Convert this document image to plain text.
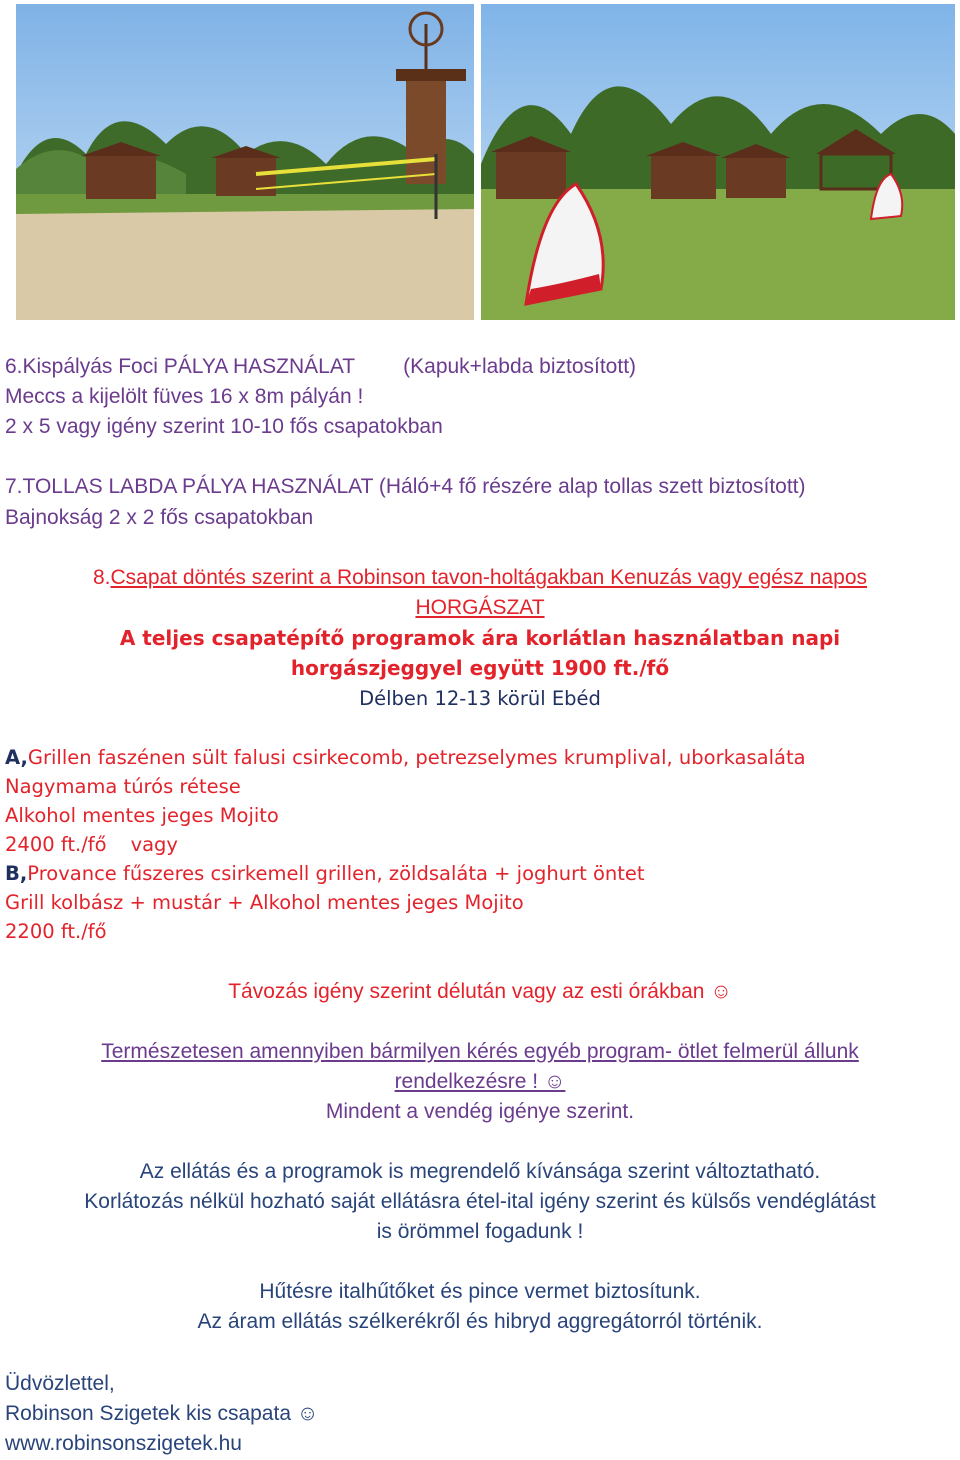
6.Kispályás Foci PÁLYA HASZNÁLAT (Kapuk+labda biztosított)
Meccs a kijelölt füves 16 x 8m pályán !
2 x 5 vagy igény szerint 10-10 fős csapatokban
7.TOLLAS LABDA PÁLYA HASZNÁLAT (Háló+4 fő részére alap tollas szett biztosított)
Bajnokság 2 x 2 fős csapatokban
8.Csapat döntés szerint a Robinson tavon-holtágakban Kenuzás vagy egész napos
HORGÁSZAT
A teljes csapatépítő programok ára korlátlan használatban napi
horgászjeggyel együtt 1900 ft./fő
Délben 12-13 körül Ebéd
A,Grillen faszénen sült falusi csirkecomb, petrezselymes krumplival, uborkasaláta
Nagymama túrós rétese
Alkohol mentes jeges Mojito
2400 ft./fő vagy
B,Provance fűszeres csirkemell grillen, zöldsaláta + joghurt öntet
Grill kolbász + mustár + Alkohol mentes jeges Mojito
2200 ft./fő
Távozás igény szerint délután vagy az esti órákban ☺
Természetesen amennyiben bármilyen kérés egyéb program- ötlet felmerül állunk
rendelkezésre ! ☺
Mindent a vendég igénye szerint.
Az ellátás és a programok is megrendelő kívánsága szerint változtatható.
Korlátozás nélkül hozható saját ellátásra étel-ital igény szerint és külsős vendéglátást
is örömmel fogadunk !
Hűtésre italhűtőket és pince vermet biztosítunk.
Az áram ellátás szélkerékről és hibryd aggregátorról történik.
Üdvözlettel,
Robinson Szigetek kis csapata ☺
www.robinsonszigetek.hu
